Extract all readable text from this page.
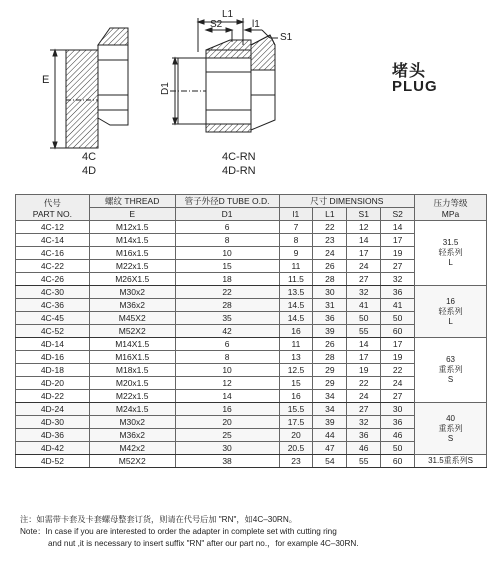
E
D1
L1
S2	l1
S1
4C
4D
4C-RN
4D-RN
堵头
PLUG
代号
PART NO.	螺纹 THREAD	管子外径D TUBE O.D.	尺寸 DIMENSIONS				压力等级
MPa
	E	D1	l1	L1	S1	S2	
4C-12	M12x1.5	6	7	22	12	14	31.5
轻系列
L
4C-14	M14x1.5	8	8	23	14	17	
4C-16	M16x1.5	10	9	24	17	19	
4C-22	M22x1.5	15	11	26	24	27	
4C-26	M26X1.5	18	11.5	28	27	32	
4C-30	M30x2	22	13.5	30	32	36	16
轻系列
L
4C-36	M36x2	28	14.5	31	41	41	
4C-45	M45X2	35	14.5	36	50	50	
4C-52	M52X2	42	16	39	55	60	
4D-14	M14X1.5	6	11	26	14	17	63
重系列
S
4D-16	M16X1.5	8	13	28	17	19	
4D-18	M18x1.5	10	12.5	29	19	22	
4D-20	M20x1.5	12	15	29	22	24	
4D-22	M22x1.5	14	16	34	24	27	
4D-24	M24x1.5	16	15.5	34	27	30	40
重系列
S
4D-30	M30x2	20	17.5	39	32	36	
4D-36	M36x2	25	20	44	36	46	
4D-42	M42x2	30	20.5	47	46	50	
4D-52	M52X2	38	23	54	55	60	31.5重系列S
注：如需带卡套及卡套螺母整套订货，则请在代号后加 "RN"，如4C–30RN。
Note：In case if you are interested to order the adapter in complete set with cutting ring
and nut ,it is necessary to insert suffix "RN" after our part no.，for example 4C–30RN.
